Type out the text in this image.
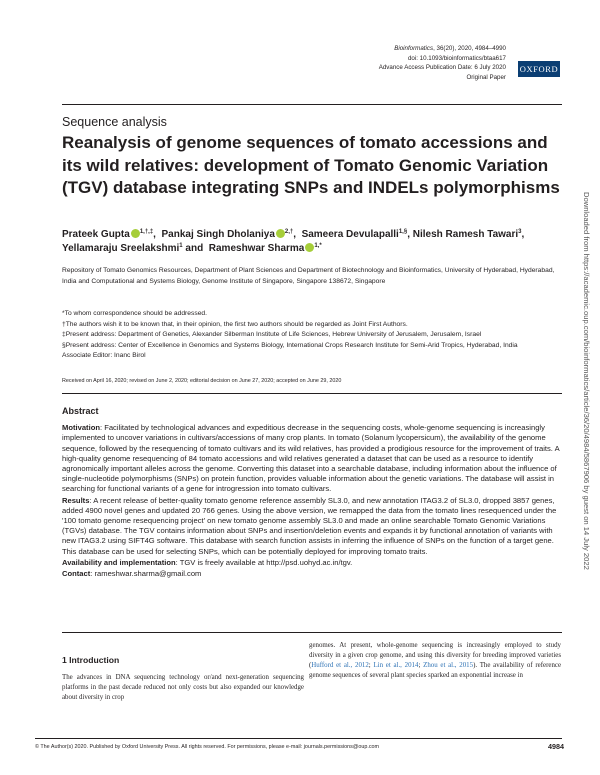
Bioinformatics, 36(20), 2020, 4984–4990
doi: 10.1093/bioinformatics/btaa617
Advance Access Publication Date: 6 July 2020
Original Paper
OXFORD
Sequence analysis
Reanalysis of genome sequences of tomato accessions and its wild relatives: development of Tomato Genomic Variation (TGV) database integrating SNPs and INDELs polymorphisms
Prateek Gupta $^{1,\dagger,\ddagger}$,  Pankaj Singh Dholaniya $^{2,\dagger}$,  Sameera Devulapalli$^{1,\S}$, Nilesh Ramesh Tawari$^3$,  Yellamaraju Sreelakshmi$^1$ and  Rameshwar Sharma $^{1,*}$

Repository of Tomato Genomics Resources, Department of Plant Sciences and Department of Biotechnology and Bioinformatics, University of Hyderabad, Hyderabad, India and Computational and Systems Biology, Genome Institute of Singapore, Singapore 138672, Singapore

*To whom correspondence should be addressed.

†The authors wish it to be known that, in their opinion, the first two authors should be regarded as Joint First Authors.

‡Present address: Department of Genetics, Alexander Silberman Institute of Life Sciences, Hebrew University of Jerusalem, Jerusalem, Israel

§Present address: Center of Excellence in Genomics and Systems Biology, International Crops Research Institute for Semi-Arid Tropics, Hyderabad, India

Associate Editor: Inanc Birol

Received on April 16, 2020; revised on June 2, 2020; editorial decision on June 27, 2020; accepted on June 29, 2020
Abstract

Motivation: Facilitated by technological advances and expeditious decrease in the sequencing costs, whole-genome sequencing is increasingly implemented to uncover variations in cultivars/accessions of many crop plants. In tomato (Solanum lycopersicum), the availability of the genome sequence, followed by the resequencing of tomato cultivars and its wild relatives, has provided a prodigious resource for the improvement of traits. A high-quality genome resequencing of 84 tomato accessions and wild relatives generated a dataset that can be used as a resource to identify agronomically important alleles across the genome. Converting this dataset into a searchable database, including information about the influence of single-nucleotide polymorphisms (SNPs) on protein function, provides valuable information about the genetic variations. The database will assist in searching for functional variants of a gene for introgression into tomato cultivars.

Results: A recent release of better-quality tomato genome reference assembly SL3.0, and new annotation ITAG3.2 of SL3.0, dropped 3857 genes, added 4900 novel genes and updated 20 766 genes. Using the above version, we remapped the data from the tomato lines resequenced under the '100 tomato genome resequencing project' on new tomato genome assembly SL3.0 and made an online searchable Tomato Genomic Variations (TGVs) database. The TGV contains information about SNPs and insertion/deletion events and expands it by functional annotation of variants with new ITAG3.2 using SIFT4G software. This database with search function assists in inferring the influence of SNPs on the function of a target gene. This database can be used for selecting SNPs, which can be potentially deployed for improving tomato traits.

Availability and implementation: TGV is freely available at http://psd.uohyd.ac.in/tgv.

Contact: rameshwar.sharma@gmail.com

1 Introduction

The advances in DNA sequencing technology or/and next-generation sequencing platforms in the past decade reduced not only costs but also expanded our knowledge about diversity in crop

genomes. At present, whole-genome sequencing is increasingly employed to study diversity in a given crop genome, and using this diversity for breeding improved varieties (Hufford et al., 2012; Lin et al., 2014; Zhou et al., 2015). The availability of reference genome sequences of several plant species sparked an exponential increase in
© The Author(s) 2020. Published by Oxford University Press. All rights reserved. For permissions, please e-mail: journals.permissions@oup.com	4984
Downloaded from https://academic.oup.com/bioinformatics/article/36/20/4984/5867906 by guest on 14 July 2022
